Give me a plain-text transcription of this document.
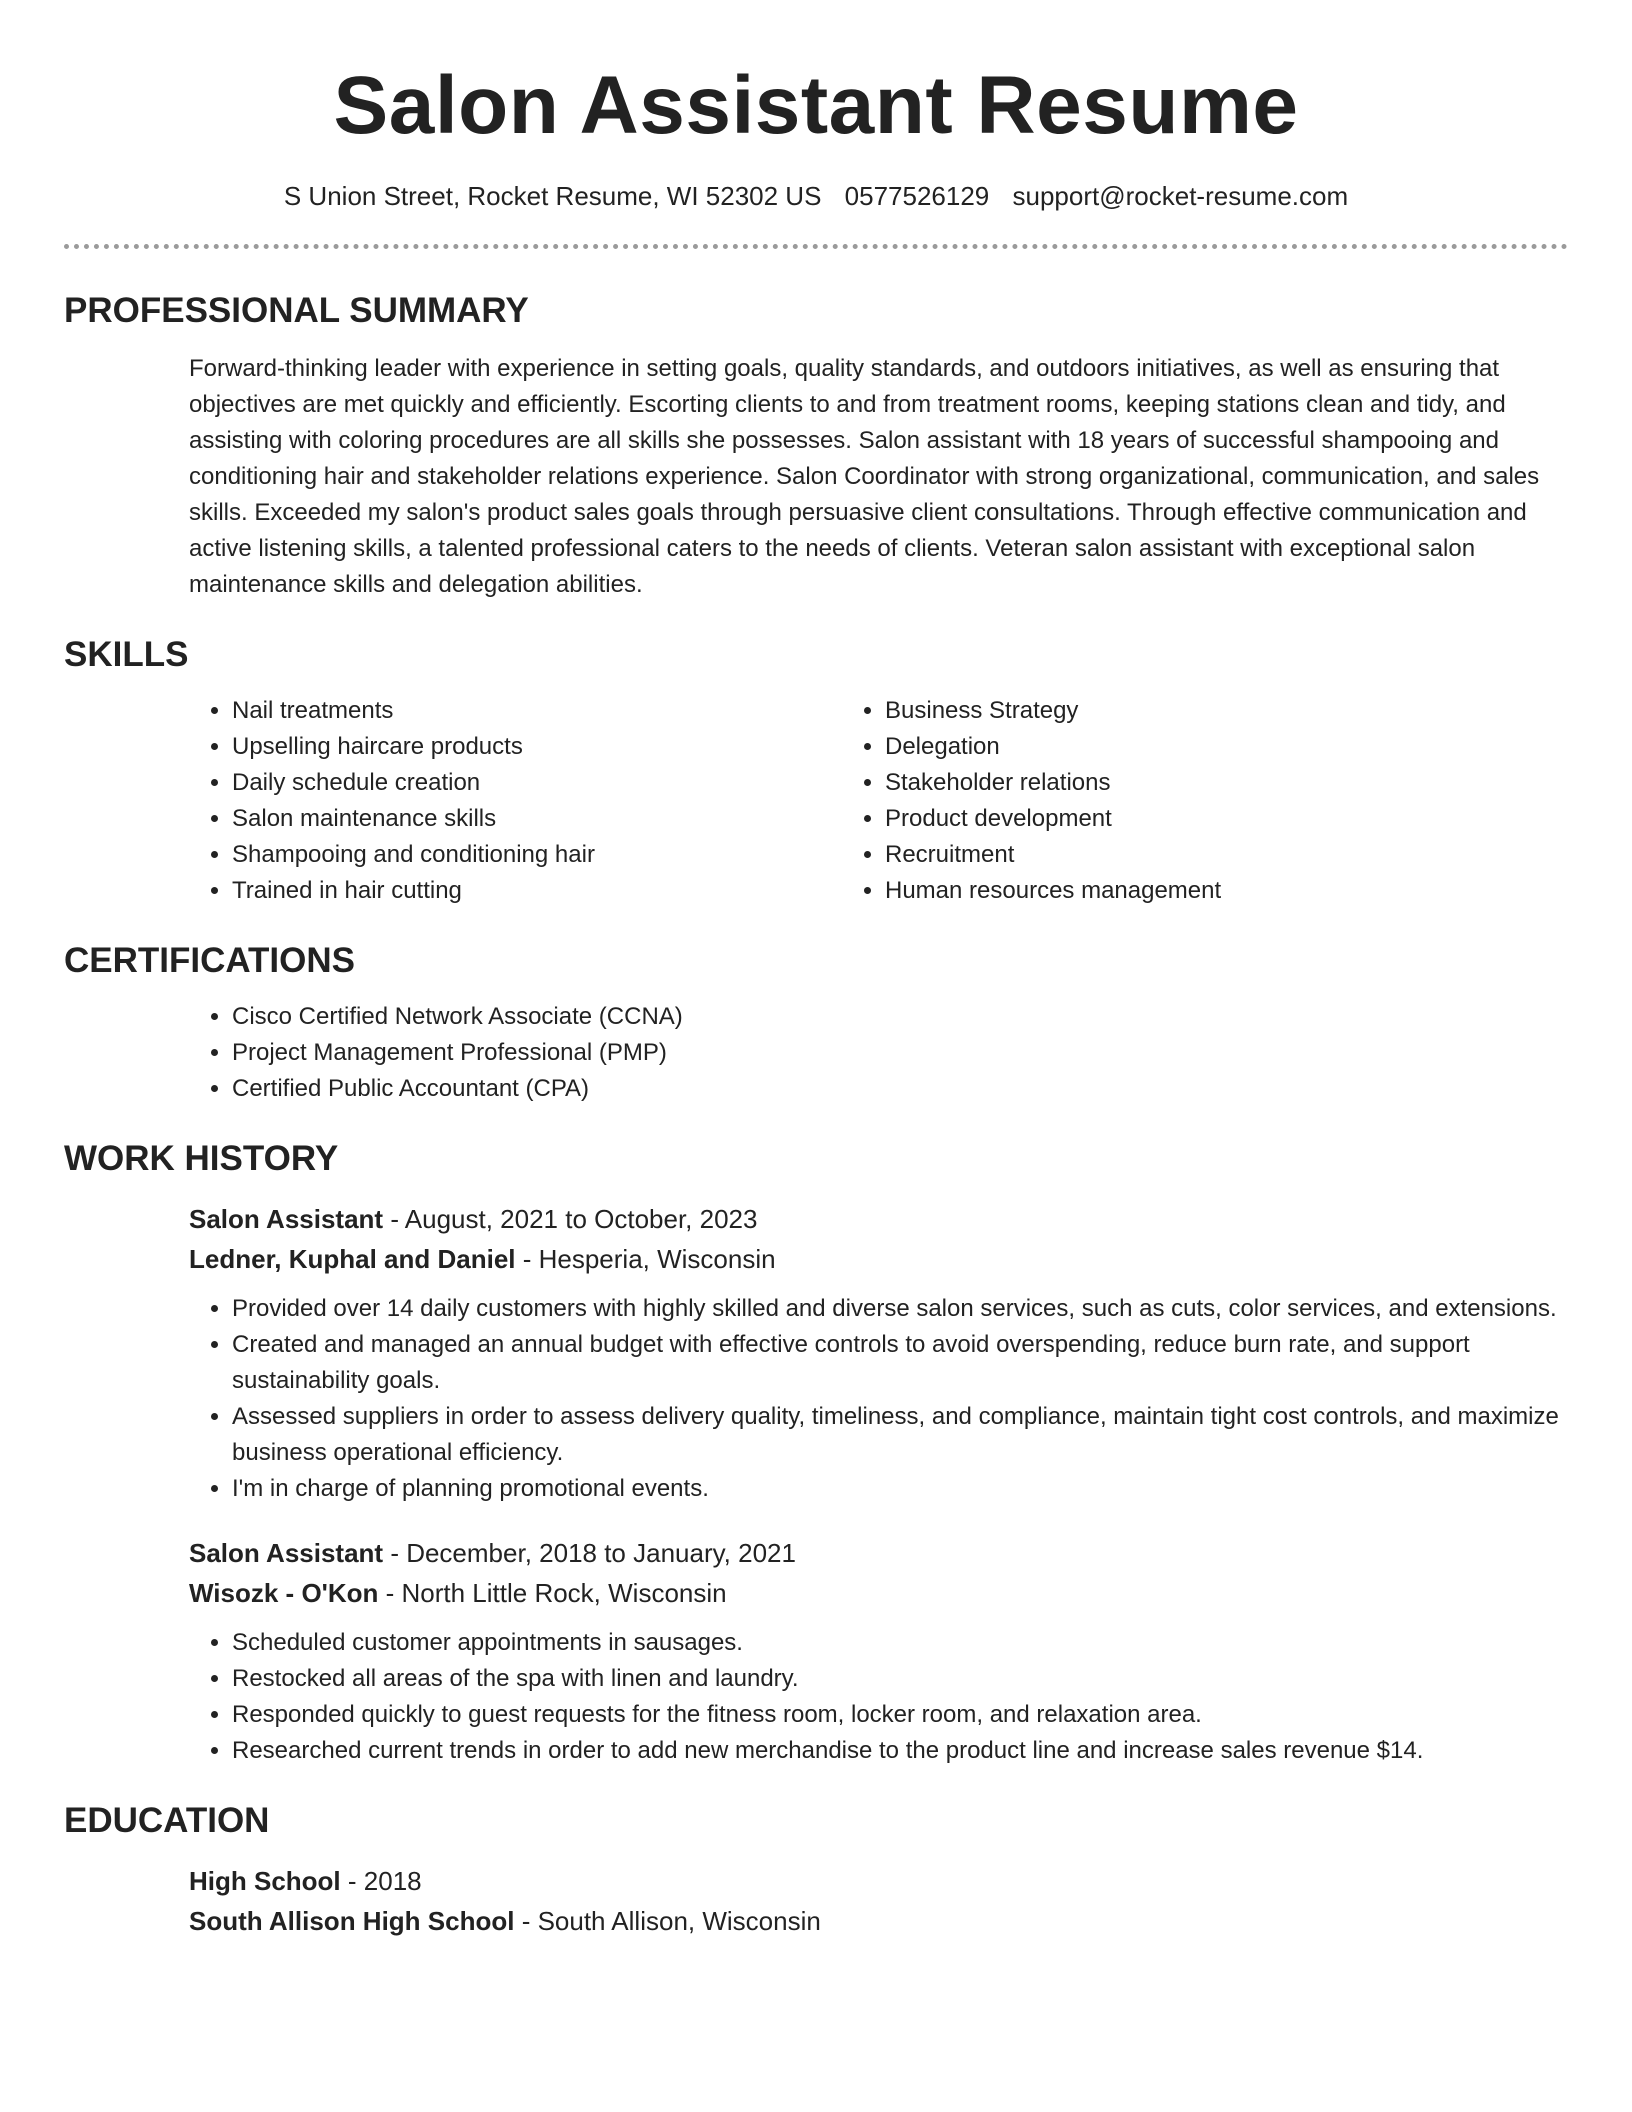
Salon Assistant Resume
S Union Street, Rocket Resume, WI 52302 US 0577526129 support@rocket-resume.com
PROFESSIONAL SUMMARY

Forward-thinking leader with experience in setting goals, quality standards, and outdoors initiatives, as well as ensuring that objectives are met quickly and efficiently. Escorting clients to and from treatment rooms, keeping stations clean and tidy, and assisting with coloring procedures are all skills she possesses. Salon assistant with 18 years of successful shampooing and conditioning hair and stakeholder relations experience. Salon Coordinator with strong organizational, communication, and sales skills. Exceeded my salon's product sales goals through persuasive client consultations. Through effective communication and active listening skills, a talented professional caters to the needs of clients. Veteran salon assistant with exceptional salon maintenance skills and delegation abilities.

SKILLS
• Nail treatments
• Upselling haircare products
• Daily schedule creation
• Salon maintenance skills
• Shampooing and conditioning hair
• Trained in hair cutting
• Business Strategy
• Delegation
• Stakeholder relations
• Product development
• Recruitment
• Human resources management
CERTIFICATIONS
• Cisco Certified Network Associate (CCNA)
• Project Management Professional (PMP)
• Certified Public Accountant (CPA)
WORK HISTORY
Salon Assistant - August, 2021 to October, 2023
Ledner, Kuphal and Daniel - Hesperia, Wisconsin
• Provided over 14 daily customers with highly skilled and diverse salon services, such as cuts, color services, and extensions.
• Created and managed an annual budget with effective controls to avoid overspending, reduce burn rate, and support sustainability goals.
• Assessed suppliers in order to assess delivery quality, timeliness, and compliance, maintain tight cost controls, and maximize business operational efficiency.
• I'm in charge of planning promotional events.
Salon Assistant - December, 2018 to January, 2021
Wisozk - O'Kon - North Little Rock, Wisconsin
• Scheduled customer appointments in sausages.
• Restocked all areas of the spa with linen and laundry.
• Responded quickly to guest requests for the fitness room, locker room, and relaxation area.
• Researched current trends in order to add new merchandise to the product line and increase sales revenue $14.
EDUCATION
High School - 2018
South Allison High School - South Allison, Wisconsin
